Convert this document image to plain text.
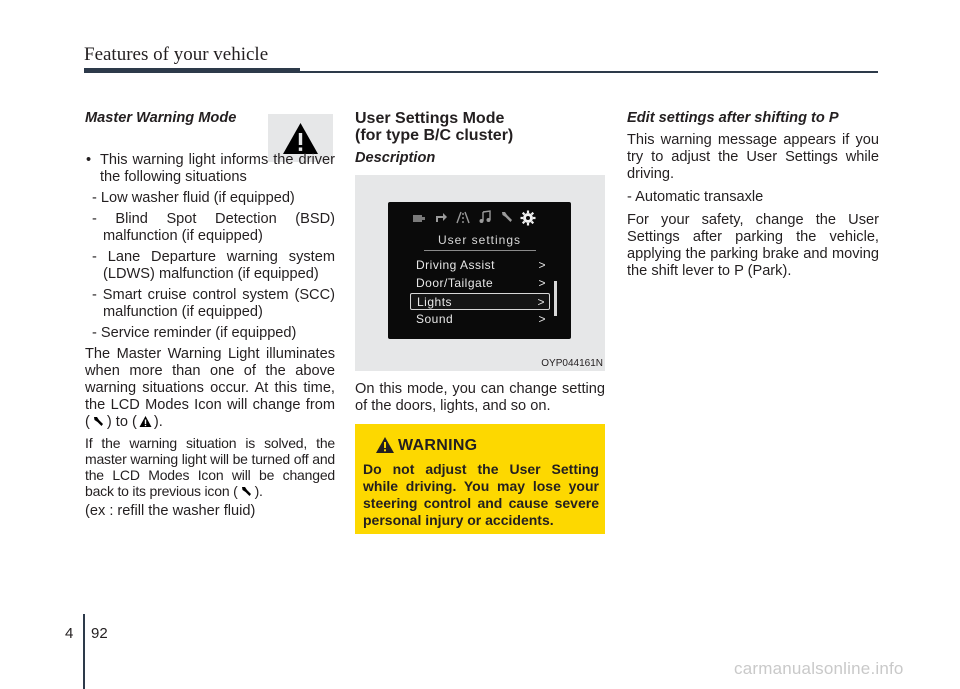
Features of your vehicle
Master Warning Mode
• This warning light informs the driver the following situations
- Low washer fluid (if equipped)
- Blind Spot Detection (BSD) malfunction (if equipped)
- Lane Departure warning system (LDWS) malfunction (if equipped)
- Smart cruise control system (SCC) malfunction (if equipped)
- Service reminder (if equipped)
The Master Warning Light illuminates when more than one of the above warning situations occur. At this time, the LCD Modes Icon will change from ( ) to ( ).
If the warning situation is solved, the master warning light will be turned off and the LCD Modes Icon will be changed back to its previous icon ( ).
(ex : refill the washer fluid)
User Settings Mode
(for type B/C cluster)
Description
User settings
Driving Assist	>
Door/Tailgate	>
Lights	>
Sound	>
OYP044161N
On this mode, you can change setting of the doors, lights, and so on.
WARNING
Do not adjust the User Setting while driving. You may lose your steering control and cause severe personal injury or accidents.
Edit settings after shifting to P
This warning message appears if you try to adjust the User Settings while driving.
- Automatic transaxle
For your safety, change the User Settings after parking the vehicle, applying the parking brake and moving the shift lever to P (Park).
4 92
carmanualsonline.info
